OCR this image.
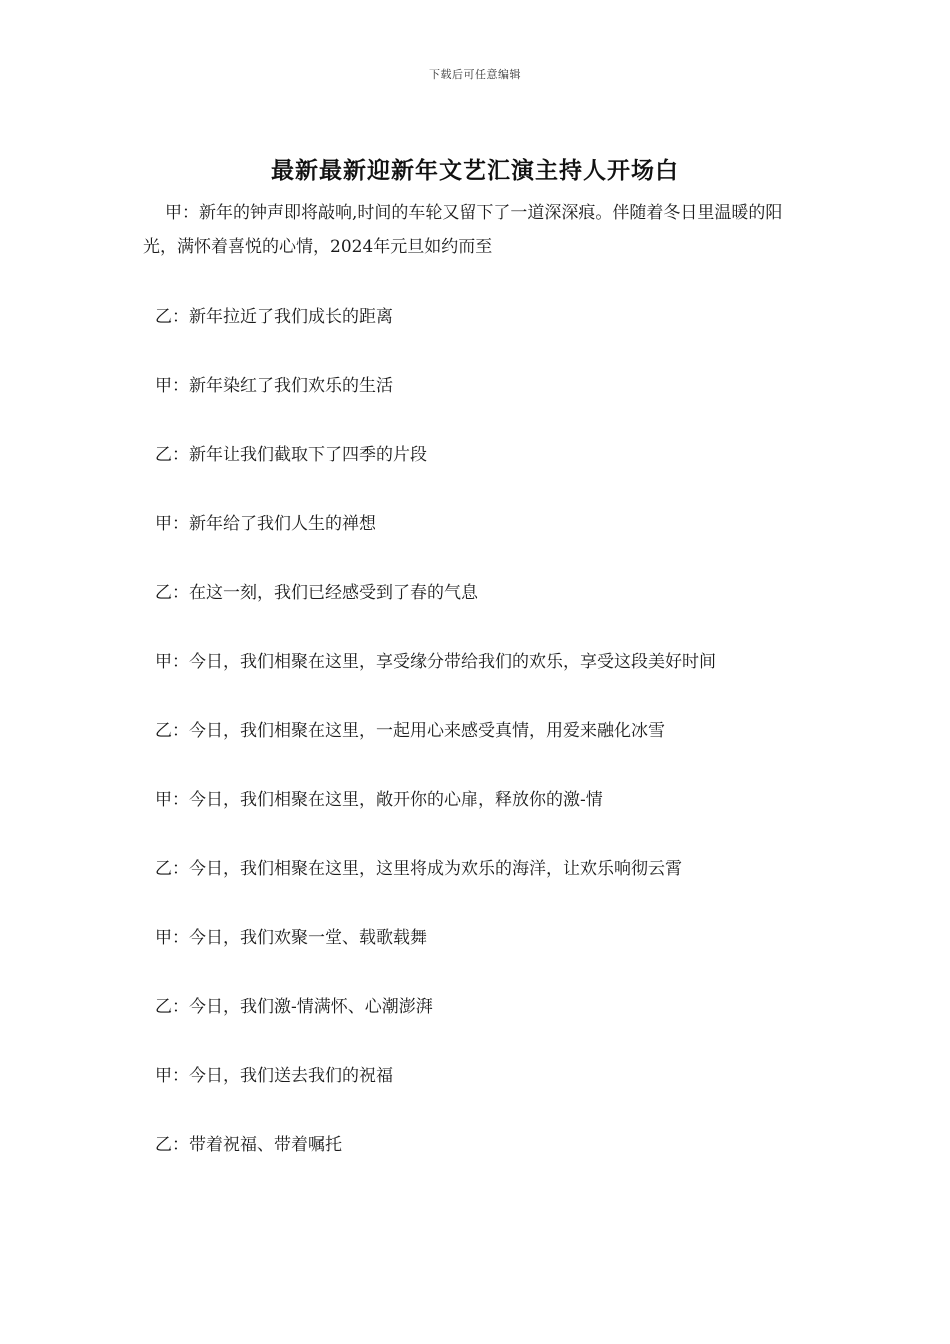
下载后可任意编辑
最新最新迎新年文艺汇演主持人开场白

甲：新年的钟声即将敲响,时间的车轮又留下了一道深深痕。伴随着冬日里温暖的阳光，满怀着喜悦的心情，2024年元旦如约而至

乙：新年拉近了我们成长的距离
甲：新年染红了我们欢乐的生活
乙：新年让我们截取下了四季的片段
甲：新年给了我们人生的禅想
乙：在这一刻，我们已经感受到了春的气息
甲：今日，我们相聚在这里，享受缘分带给我们的欢乐，享受这段美好时间
乙：今日，我们相聚在这里，一起用心来感受真情，用爱来融化冰雪
甲：今日，我们相聚在这里，敞开你的心扉，释放你的激-情
乙：今日，我们相聚在这里，这里将成为欢乐的海洋，让欢乐响彻云霄
甲：今日，我们欢聚一堂、载歌载舞
乙：今日，我们激-情满怀、心潮澎湃
甲：今日，我们送去我们的祝福
乙：带着祝福、带着嘱托
